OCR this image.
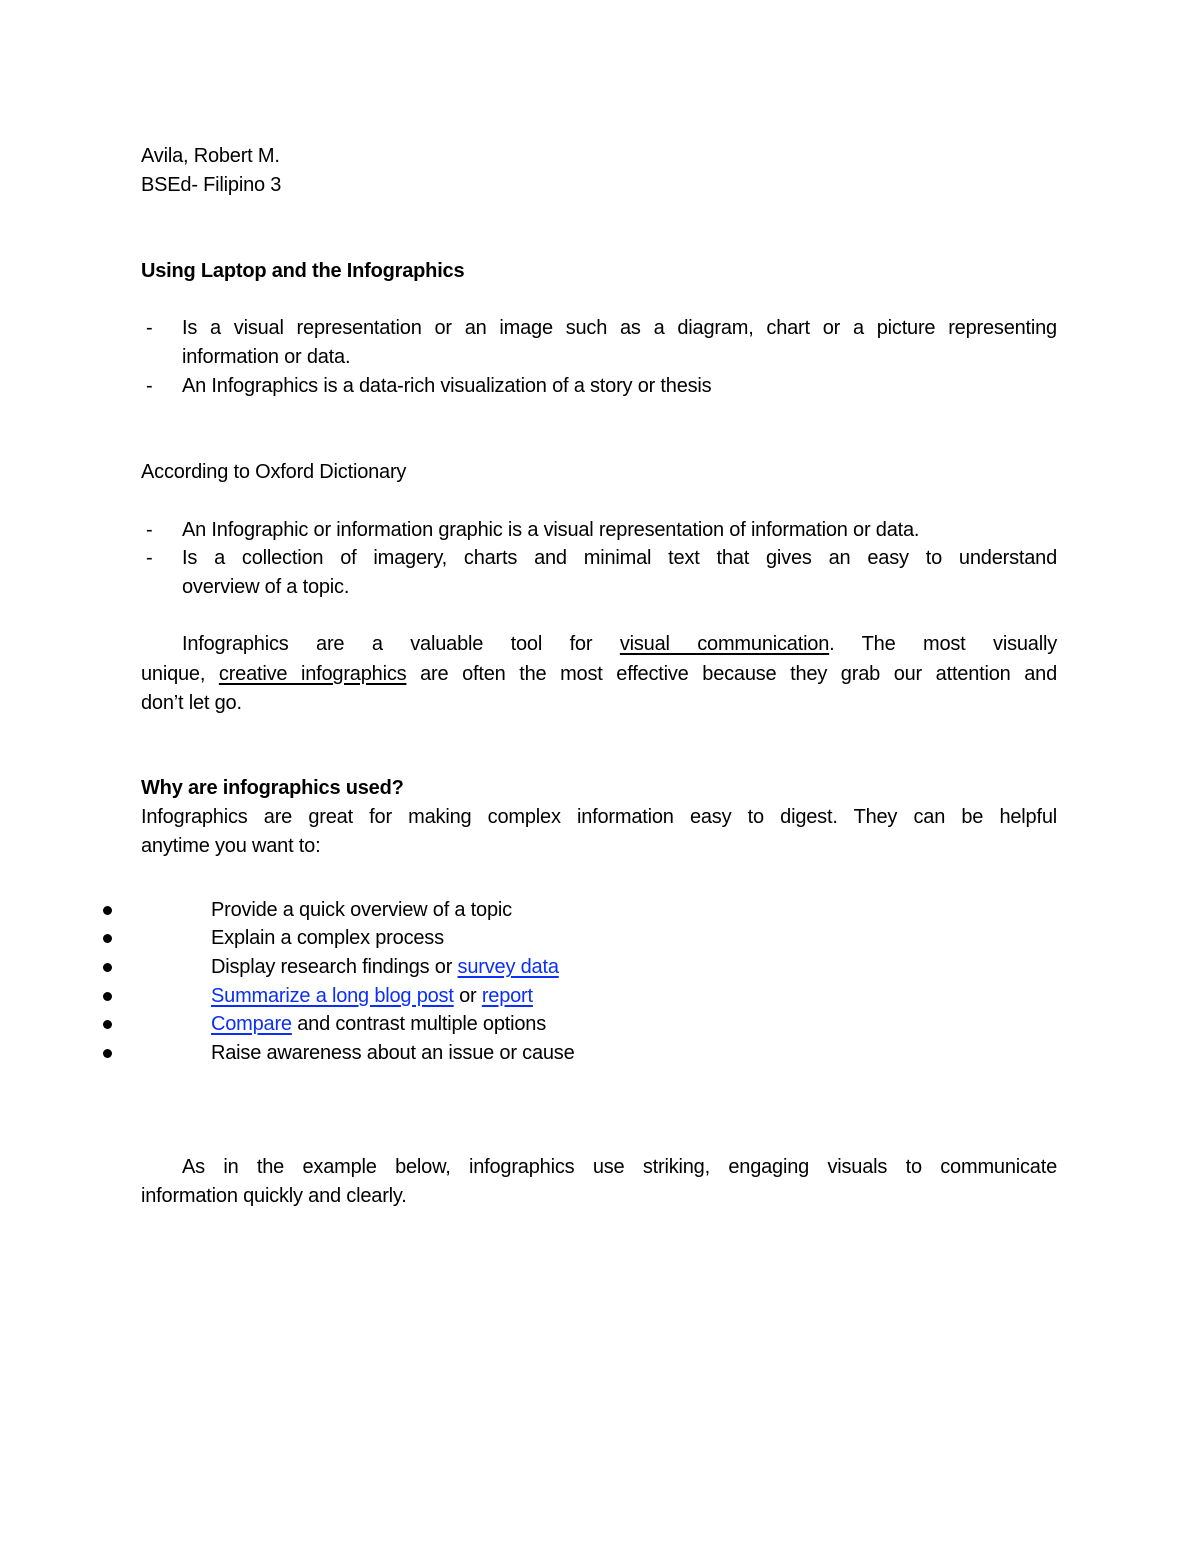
Avila, Robert M.
BSEd- Filipino 3
Using Laptop and the Infographics
- Is a visual representation or an image such as a diagram, chart or a picture representing
information or data.
- An Infographics is a data-rich visualization of a story or thesis
According to Oxford Dictionary
- An Infographic or information graphic is a visual representation of information or data.
- Is a collection of imagery, charts and minimal text that gives an easy to understand
overview of a topic.
Infographics are a valuable tool for visual communication. The most visually
unique, creative infographics are often the most effective because they grab our attention and
don’t let go.
Why are infographics used?
Infographics are great for making complex information easy to digest. They can be helpful
anytime you want to:
Provide a quick overview of a topic
Explain a complex process
Display research findings or survey data
Summarize a long blog post or report
Compare and contrast multiple options
Raise awareness about an issue or cause
As in the example below, infographics use striking, engaging visuals to communicate
information quickly and clearly.
